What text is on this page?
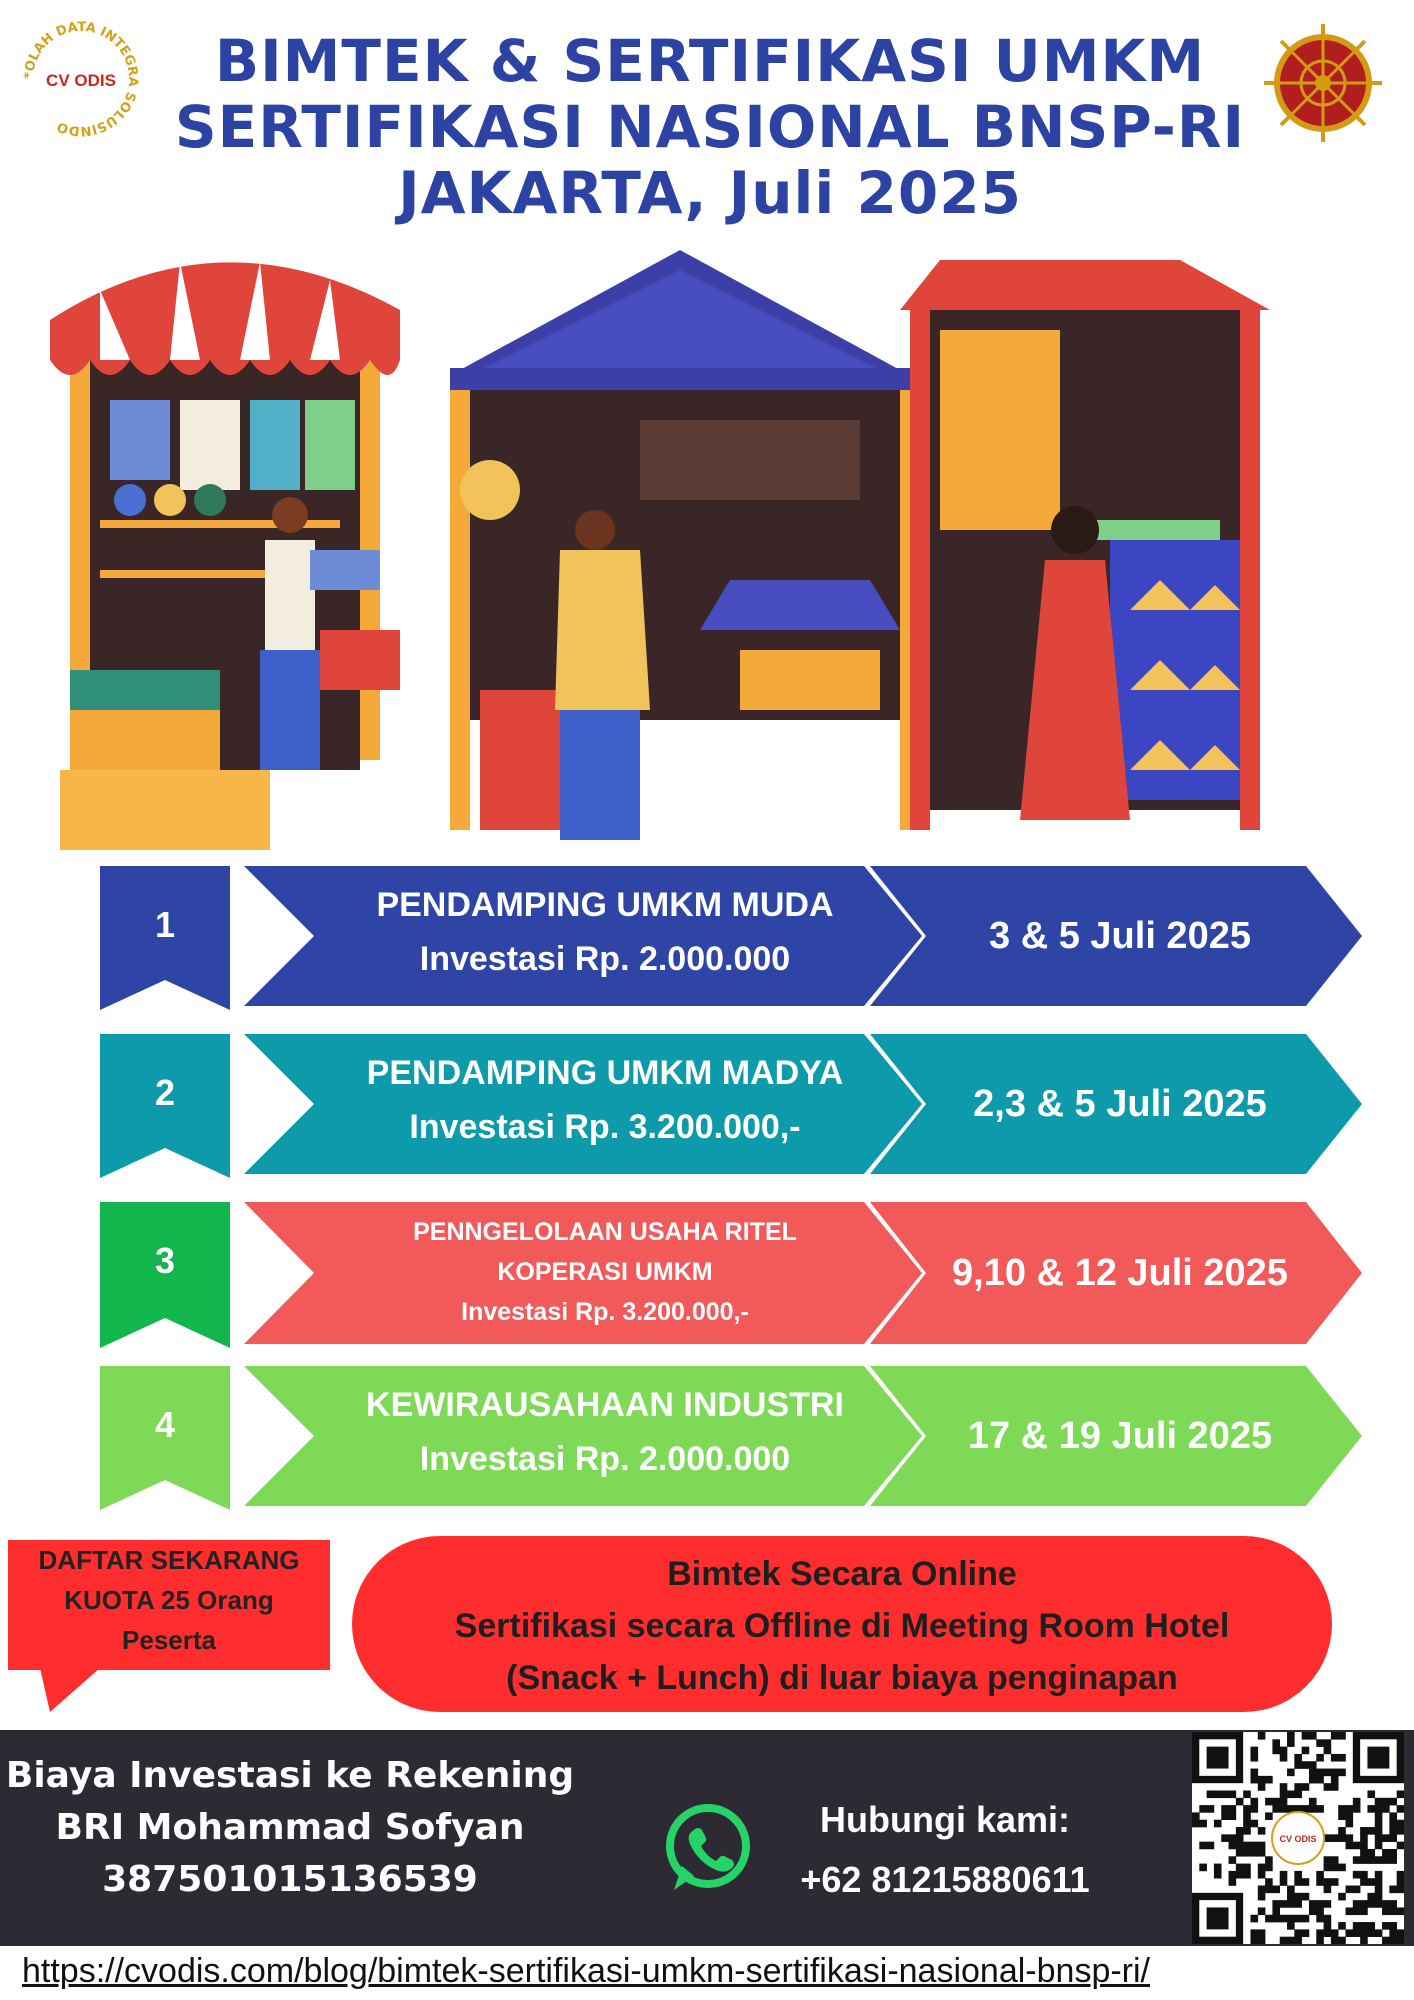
*OLAH DATA INTEGRA SOLUSINDO
CV ODIS	BIMTEK & SERTIFIKASI UMKM
SERTIFIKASI NASIONAL BNSP-RI
JAKARTA, Juli 2025
1	PENDAMPING UMKM MUDA
Investasi Rp. 2.000.000
3 & 5 Juli 2025
2	PENDAMPING UMKM MADYA
Investasi Rp. 3.200.000,-
2,3 & 5 Juli 2025
3
PENNGELOLAAN USAHA RITEL
KOPERASI UMKM
Investasi Rp. 3.200.000,-
9,10 & 12 Juli 2025
4	KEWIRAUSAHAAN INDUSTRI
Investasi Rp. 2.000.000
17 & 19 Juli 2025
DAFTAR SEKARANG
KUOTA 25 Orang
Peserta
Bimtek Secara Online
Sertifikasi secara Offline di Meeting Room Hotel
(Snack + Lunch) di luar biaya penginapan
Biaya Investasi ke Rekening
BRI Mohammad Sofyan
387501015136539
Hubungi kami:
+62 81215880611
CV ODIS
https://cvodis.com/blog/bimtek-sertifikasi-umkm-sertifikasi-nasional-bnsp-ri/
